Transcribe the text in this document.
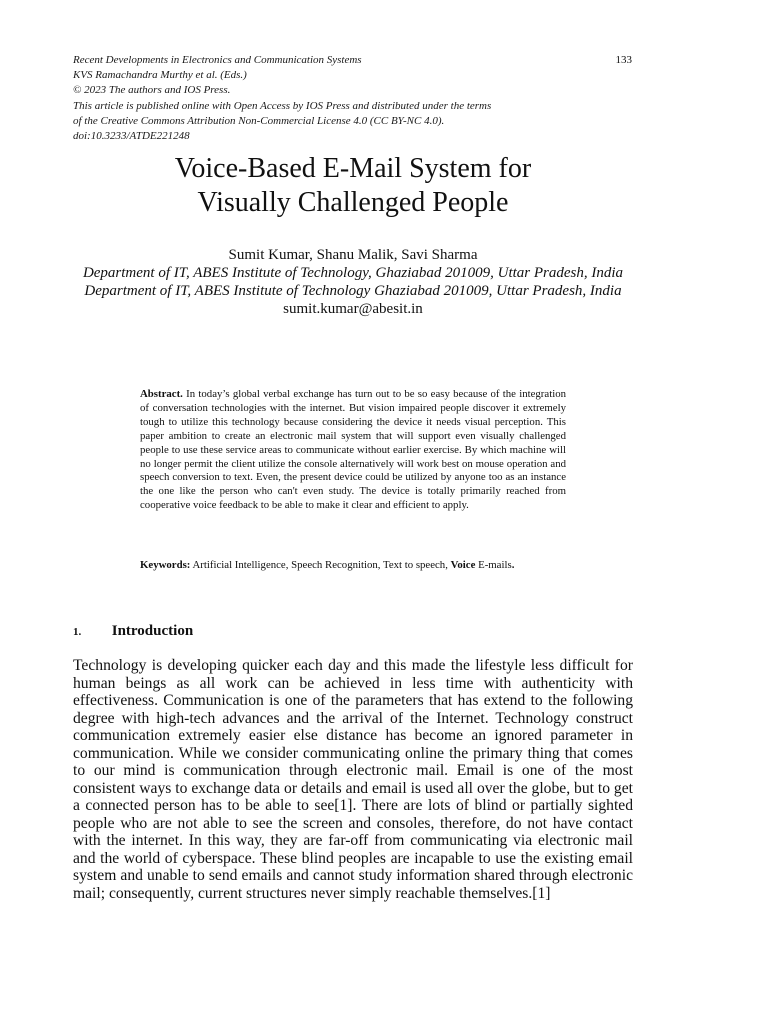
Recent Developments in Electronics and Communication Systems
KVS Ramachandra Murthy et al. (Eds.)
© 2023 The authors and IOS Press.
This article is published online with Open Access by IOS Press and distributed under the terms
of the Creative Commons Attribution Non-Commercial License 4.0 (CC BY-NC 4.0).
doi:10.3233/ATDE221248
133
Voice-Based E-Mail System for
Visually Challenged People
Sumit Kumar, Shanu Malik, Savi Sharma
Department of IT, ABES Institute of Technology, Ghaziabad 201009, Uttar Pradesh, India
Department of IT, ABES Institute of Technology Ghaziabad 201009, Uttar Pradesh, India
sumit.kumar@abesit.in
Abstract. In today’s global verbal exchange has turn out to be so easy because of the integration of conversation technologies with the internet. But vision impaired people discover it extremely tough to utilize this technology because considering the device it needs visual perception. This paper ambition to create an electronic mail system that will support even visually challenged people to use these service areas to communicate without earlier exercise. By which machine will no longer permit the client utilize the console alternatively will work best on mouse operation and speech conversion to text. Even, the present device could be utilized by anyone too as an instance the one like the person who can't even study. The device is totally primarily reached from cooperative voice feedback to be able to make it clear and efficient to apply.
Keywords: Artificial Intelligence, Speech Recognition, Text to speech, Voice E-mails.
1. Introduction

Technology is developing quicker each day and this made the lifestyle less difficult for human beings as all work can be achieved in less time with authenticity with effectiveness. Communication is one of the parameters that has extend to the following degree with high-tech advances and the arrival of the Internet. Technology construct communication extremely easier else distance has become an ignored parameter in communication. While we consider communicating online the primary thing that comes to our mind is communication through electronic mail. Email is one of the most consistent ways to exchange data or details and email is used all over the globe, but to get a connected person has to be able to see[1]. There are lots of blind or partially sighted people who are not able to see the screen and consoles, therefore, do not have contact with the internet. In this way, they are far-off from communicating via electronic mail and the world of cyberspace. These blind peoples are incapable to use the existing email system and unable to send emails and cannot study information shared through electronic mail; consequently, current structures never simply reachable themselves.[1]
